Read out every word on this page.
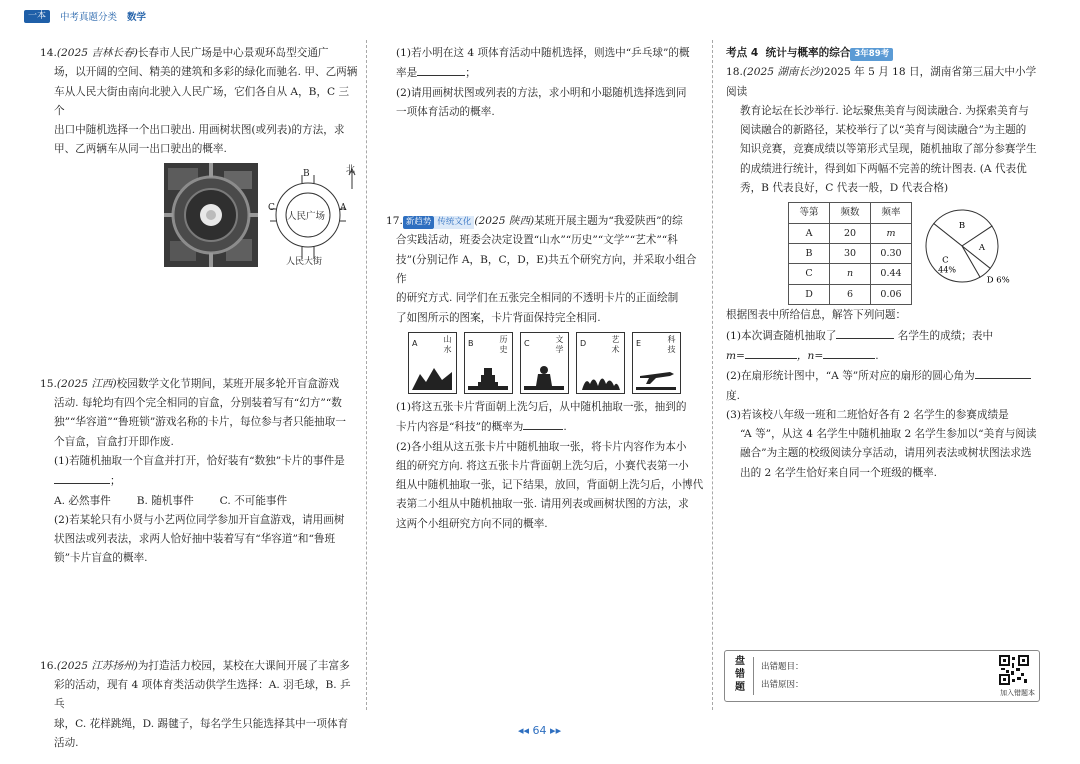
一本	中考真题分类 数学

14.(2025 吉林长春)长春市人民广场是中心景观环岛型交通广

场，以开阔的空间、精美的建筑和多彩的绿化而驰名. 甲、乙两辆

车从人民大街由南向北驶入人民广场，它们各自从 A，B，C 三个

出口中随机选择一个出口驶出. 用画树状图(或列表)的方法，求

甲、乙两辆车从同一出口驶出的概率.

北
B
C	A
人民广场
人民大街

15.(2025 江西)校园数学文化节期间，某班开展多轮开盲盒游戏

活动. 每轮均有四个完全相同的盲盒，分别装着写有“幻方”“数

独”“华容道”“鲁班锁”游戏名称的卡片，每位参与者只能抽取一

个盲盒，盲盒打开即作废.

(1)若随机抽取一个盲盒并打开，恰好装有“数独”卡片的事件是

；

A. 必然事件 B. 随机事件 C. 不可能事件

(2)若某轮只有小贤与小艺两位同学参加开盲盒游戏，请用画树

状图法或列表法，求两人恰好抽中装着写有“华容道”和“鲁班

锁”卡片盲盒的概率.

16.(2025 江苏扬州)为打造活力校园，某校在大课间开展了丰富多

彩的活动，现有 4 项体育类活动供学生选择：A. 羽毛球，B. 乒乓

球，C. 花样跳绳，D. 踢毽子，每名学生只能选择其中一项体育

活动.

(1)若小明在这 4 项体育活动中随机选择，则选中“乒乓球”的概

率是	；

(2)请用画树状图或列表的方法，求小明和小聪随机选择选到同

一项体育活动的概率.

17. 新趋势 传统文化 (2025 陕西)某班开展主题为“我爱陕西”的综

合实践活动，班委会决定设置“山水”“历史”“文学”“艺术”“科

技”(分别记作 A，B，C，D，E)共五个研究方向，并采取小组合作

的研究方式. 同学们在五张完全相同的不透明卡片的正面绘制

了如图所示的图案，卡片背面保持完全相同.

A	山水
B	历史
C	文学
D	艺术
E	科技

(1)将这五张卡片背面朝上洗匀后，从中随机抽取一张，抽到的

卡片内容是“科技”的概率为	.

(2)各小组从这五张卡片中随机抽取一张，将卡片内容作为本小

组的研究方向. 将这五张卡片背面朝上洗匀后，小赛代表第一小

组从中随机抽取一张，记下结果，放回，背面朝上洗匀后，小博代

表第二小组从中随机抽取一张. 请用列表或画树状图的方法，求

这两个小组研究方向不同的概率.

考点 4 统计与概率的综合 3年89考

18.(2025 湖南长沙)2025 年 5 月 18 日，湖南省第三届大中小学阅读

教育论坛在长沙举行. 论坛聚焦美育与阅读融合. 为探索美育与

阅读融合的新路径，某校举行了以“美育与阅读融合”为主题的

知识竞赛，竞赛成绩以等第形式呈现，随机抽取了部分参赛学生

的成绩进行统计，得到如下两幅不完善的统计图表. (A 代表优

秀，B 代表良好，C 代表一般，D 代表合格)

等第	频数	频率
A	20	m
B	30	0.30
C	n	0.44
D	6	0.06
B
A
D 6%
C
44%

根据图表中所给信息，解答下列问题：

(1)本次调查随机抽取了	名学生的成绩；表中

m=	，n=	.

(2)在扇形统计图中，“A 等”所对应的扇形的圆心角为度.

(3)若该校八年级一班和二班恰好各有 2 名学生的参赛成绩是

“A 等”，从这 4 名学生中随机抽取 2 名学生参加以“美育与阅读

融合”为主题的校级阅读分享活动，请用列表法或树状图法求选

出的 2 名学生恰好来自同一个班级的概率.

盘错题
出错题目：
出错原因：
加入错题本
◂◂ 64 ▸▸
